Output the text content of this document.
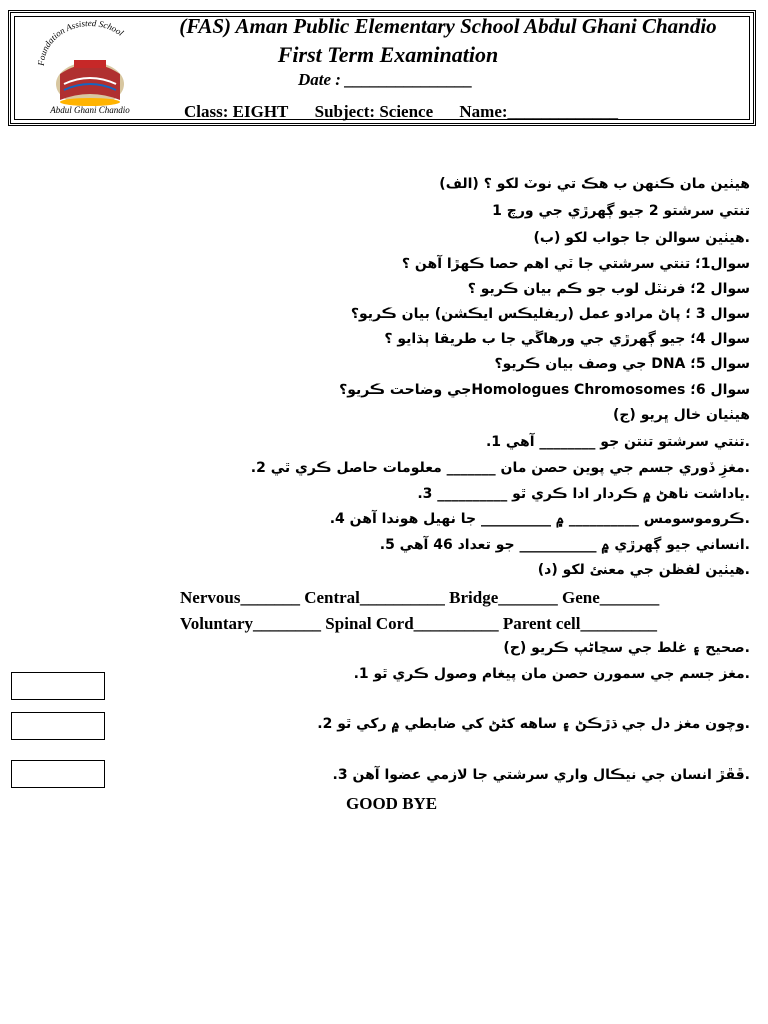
Foundation Assisted School
Abdul Ghani Chandio
(FAS) Aman Public Elementary School Abdul Ghani Chandio
First Term Examination
Date : _______________
Class: EIGHT Subject: Science Name:_____________
هيٺين مان ڪنهن ب هڪ تي نوٽ لکو ؟ (الف)
تنتي سرشتو 2 جيو ڳهرڙي جي ورچ 1
.هيٺين سوالن جا جواب لکو (ب)
سوال1؛ تنتي سرشتي جا ٽي اهم حصا ڪهڙا آهن ؟
سوال 2؛ فرنٽل لوب جو ڪم بيان ڪريو ؟
سوال 3 ؛ پاڻ مرادو عمل (ريفليڪس ايڪشن) بيان ڪريو؟
سوال 4؛ جيو ڳهرڙي جي ورهاڱي جا ب طريقا ٻڌايو ؟
سوال 5؛ DNA جي وصف بيان ڪريو؟
سوال 6؛ Homologues Chromosomesجي وضاحت ڪريو؟
هيٺيان خال ڀريو (ج)
.تنتي سرشتو تنتن جو ________ آهي 1.
.مغزِ ڏوري جسم جي پوين حصن مان _______ معلومات حاصل ڪري ٿي 2.
.ياداشت ناهڻ ۾ ڪردار ادا ڪري ٿو __________ 3.
.ڪروموسومس __________ ۾ __________ جا نهيل هوندا آهن 4.
.انساني جيو ڳهرڙي ۾ ___________ جو تعداد 46 آهي 5.
.هيٺين لفظن جي معنئ لکو (د)
Nervous_______ Central__________ Bridge_______ Gene_______
Voluntary________ Spinal Cord__________ Parent cell_________
.صحيح ۽ غلط جي سڃاڻپ ڪريو (ح)
.مغز جسم جي سمورن حصن مان پيغام وصول ڪري ٿو 1.
.وچون مغز دل جي ڌڙڪڻ ۽ ساهه کڻڻ کي ضابطي ۾ رکي ٿو 2.
.ڦڦڙ انسان جي نيڪال واري سرشتي جا لازمي عضوا آهن 3.
GOOD BYE
